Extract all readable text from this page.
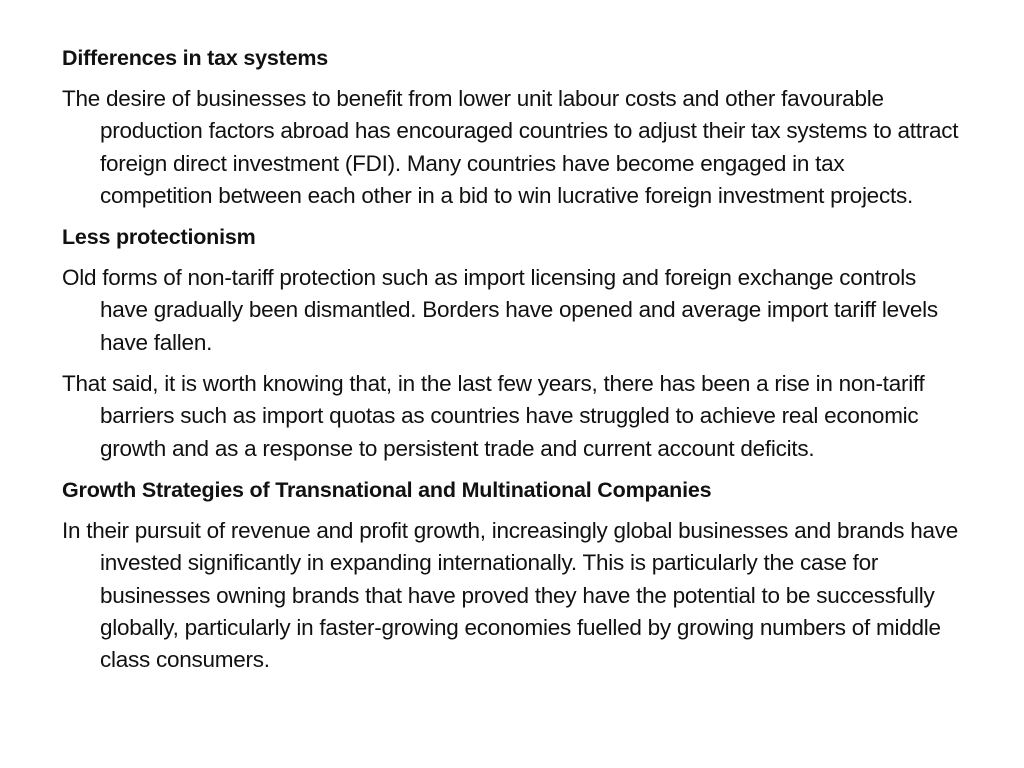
Differences in tax systems
The desire of businesses to benefit from lower unit labour costs and other favourable production factors abroad has encouraged countries to adjust their tax systems to attract foreign direct investment (FDI). Many countries have become engaged in tax competition between each other in a bid to win lucrative foreign investment projects.
Less protectionism
Old forms of non-tariff protection such as import licensing and foreign exchange controls have gradually been dismantled. Borders have opened and average import tariff levels have fallen.
That said, it is worth knowing that, in the last few years, there has been a rise in non-tariff barriers such as import quotas as countries have struggled to achieve real economic growth and as a response to persistent trade and current account deficits.
Growth Strategies of Transnational and Multinational Companies
In their pursuit of revenue and profit growth, increasingly global businesses and brands have invested significantly in expanding internationally. This is particularly the case for businesses owning brands that have proved they have the potential to be successfully globally, particularly in faster-growing economies fuelled by growing numbers of middle class consumers.
